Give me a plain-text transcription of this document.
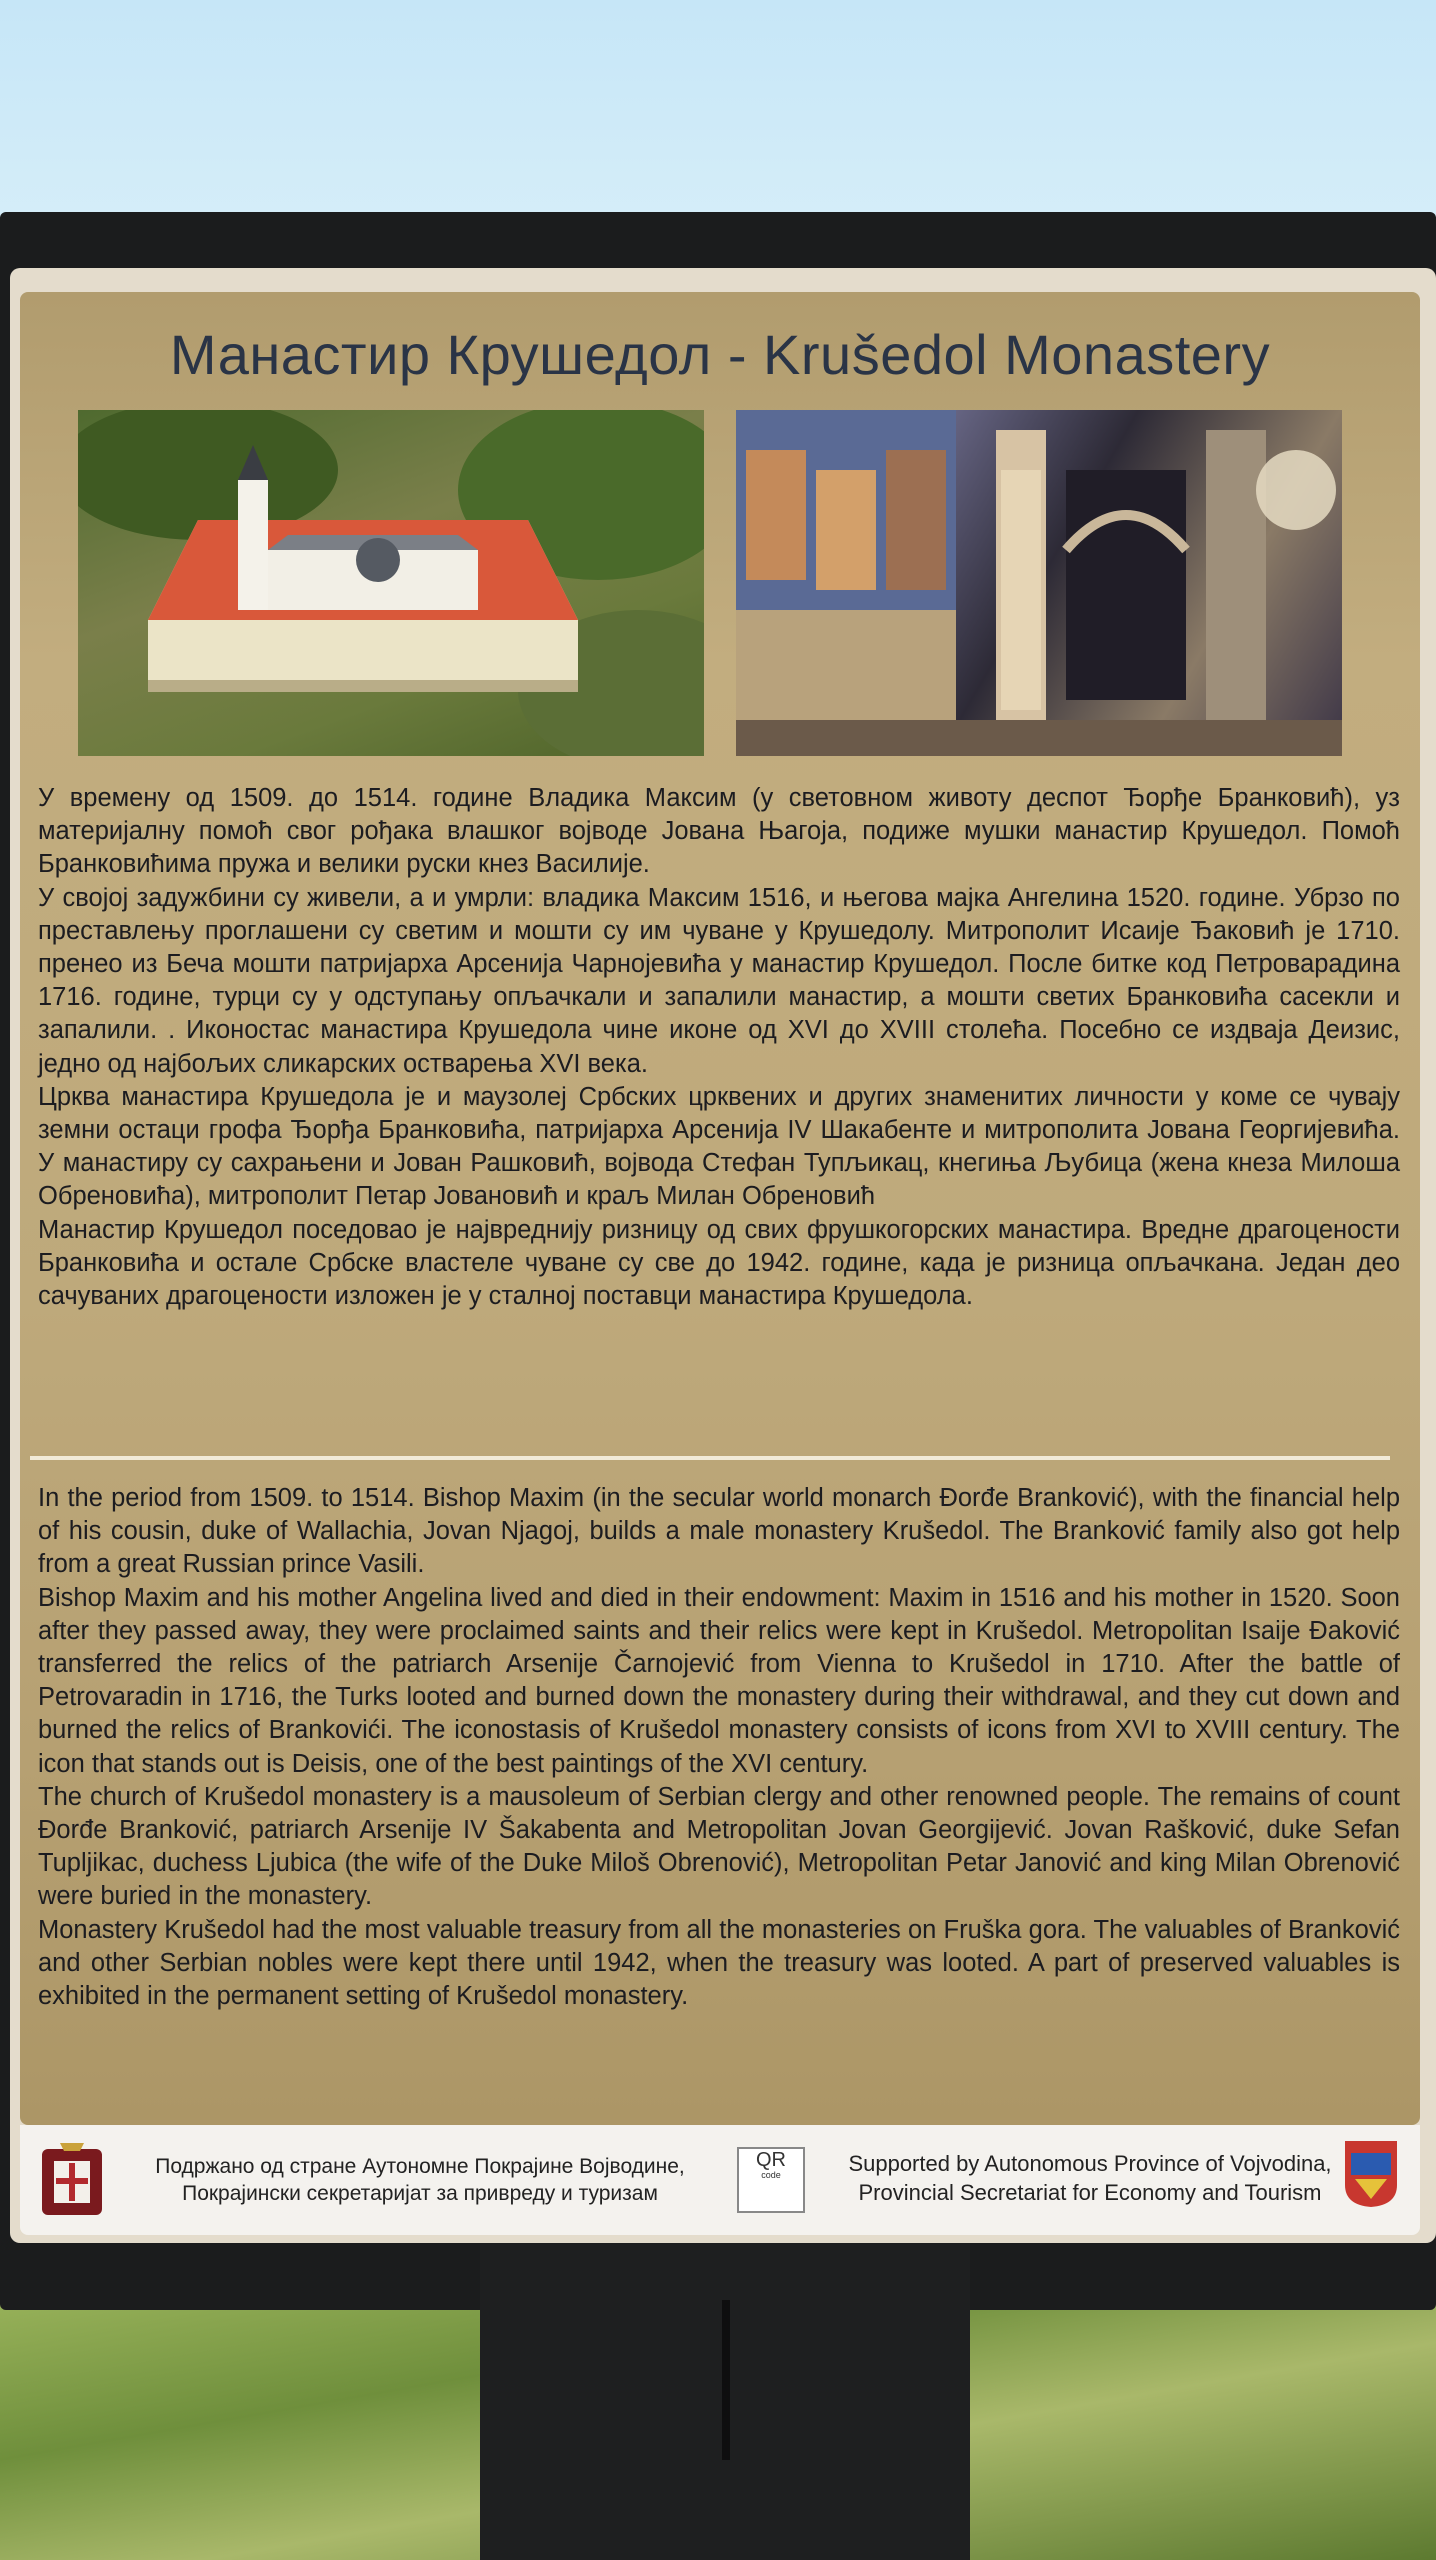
Манастир Крушедол - Krušedol Monastery

У времену од 1509. до 1514. године Владика Максим (у световном животу деспот Ђорђе Бранковић), уз материјалну помоћ свог рођака влашког војводе Јована Њагоја, подиже мушки манастир Крушедол. Помоћ Бранковићима пружа и велики руски кнез Василије.

У својој задужбини су живели, а и умрли: владика Максим 1516, и његова мајка Ангелина 1520. године. Убрзо по преставлењу проглашени су светим и мошти су им чуване у Крушедолу. Митрополит Исаије Ђаковић је 1710. пренео из Беча мошти патријарха Арсенија Чарнојевића у манастир Крушедол. После битке код Петроварадина 1716. године, турци су у одступању опљачкали и запалили манастир, а мошти светих Бранковића сасекли и запалили. . Иконостас манастира Крушедола чине иконе од XVI до XVIII столећа. Посебно се издваја Деизис, једно од најбољих сликарских остварења XVI века.

Црква манастира Крушедола је и маузолеј Србских црквених и других знаменитих личности у коме се чувају земни остаци грофа Ђорђа Бранковића, патријарха Арсенија IV Шакабенте и митрополита Јована Георгијевића. У манастиру су сахрањени и Јован Рашковић, војвода Стефан Тупљикац, кнегиња Љубица (жена кнеза Милоша Обреновића), митрополит Петар Јовановић и краљ Милан Обреновић

Манастир Крушедол поседовао је највреднију ризницу од свих фрушкогорских манастира. Вредне драгоцености Бранковића и остале Србске властеле чуване су све до 1942. године, када је ризница опљачкана. Један део сачуваних драгоцености изложен је у сталној поставци манастира Крушедола.

In the period from 1509. to 1514. Bishop Maxim (in the secular world monarch Đorđe Branković), with the financial help of his cousin, duke of Wallachia, Jovan Njagoj, builds a male monastery Krušedol. The Branković family also got help from a great Russian prince Vasili.

Bishop Maxim and his mother Angelina lived and died in their endowment: Maxim in 1516 and his mother in 1520. Soon after they passed away, they were proclaimed saints and their relics were kept in Krušedol. Metropolitan Isaije Đaković transferred the relics of the patriarch Arsenije Čarnojević from Vienna to Krušedol in 1710. After the battle of Petrovaradin in 1716, the Turks looted and burned down the monastery during their withdrawal, and they cut down and burned the relics of Brankovići. The iconostasis of Krušedol monastery consists of icons from XVI to XVIII century. The icon that stands out is Deisis, one of the best paintings of the XVI century.

The church of Krušedol monastery is a mausoleum of Serbian clergy and other renowned people. The remains of count Đorđe Branković, patriarch Arsenije IV Šakabenta and Metropolitan Jovan Georgijević. Jovan Rašković, duke Sefan Tupljikac, duchess Ljubica (the wife of the Duke Miloš Obrenović), Metropolitan Petar Janović and king Milan Obrenović were buried in the monastery.

Monastery Krušedol had the most valuable treasury from all the monasteries on Fruška gora. The valuables of Branković and other Serbian nobles were kept there until 1942, when the treasury was looted. A part of preserved valuables is exhibited in the permanent setting of Krušedol monastery.

Подржано од стране Аутономне Покрајине Војводине,
Покрајински секретаријат за привреду и туризам
QR
code	Supported by Autonomous Province of Vojvodina,
Provincial Secretariat for Economy and Tourism
